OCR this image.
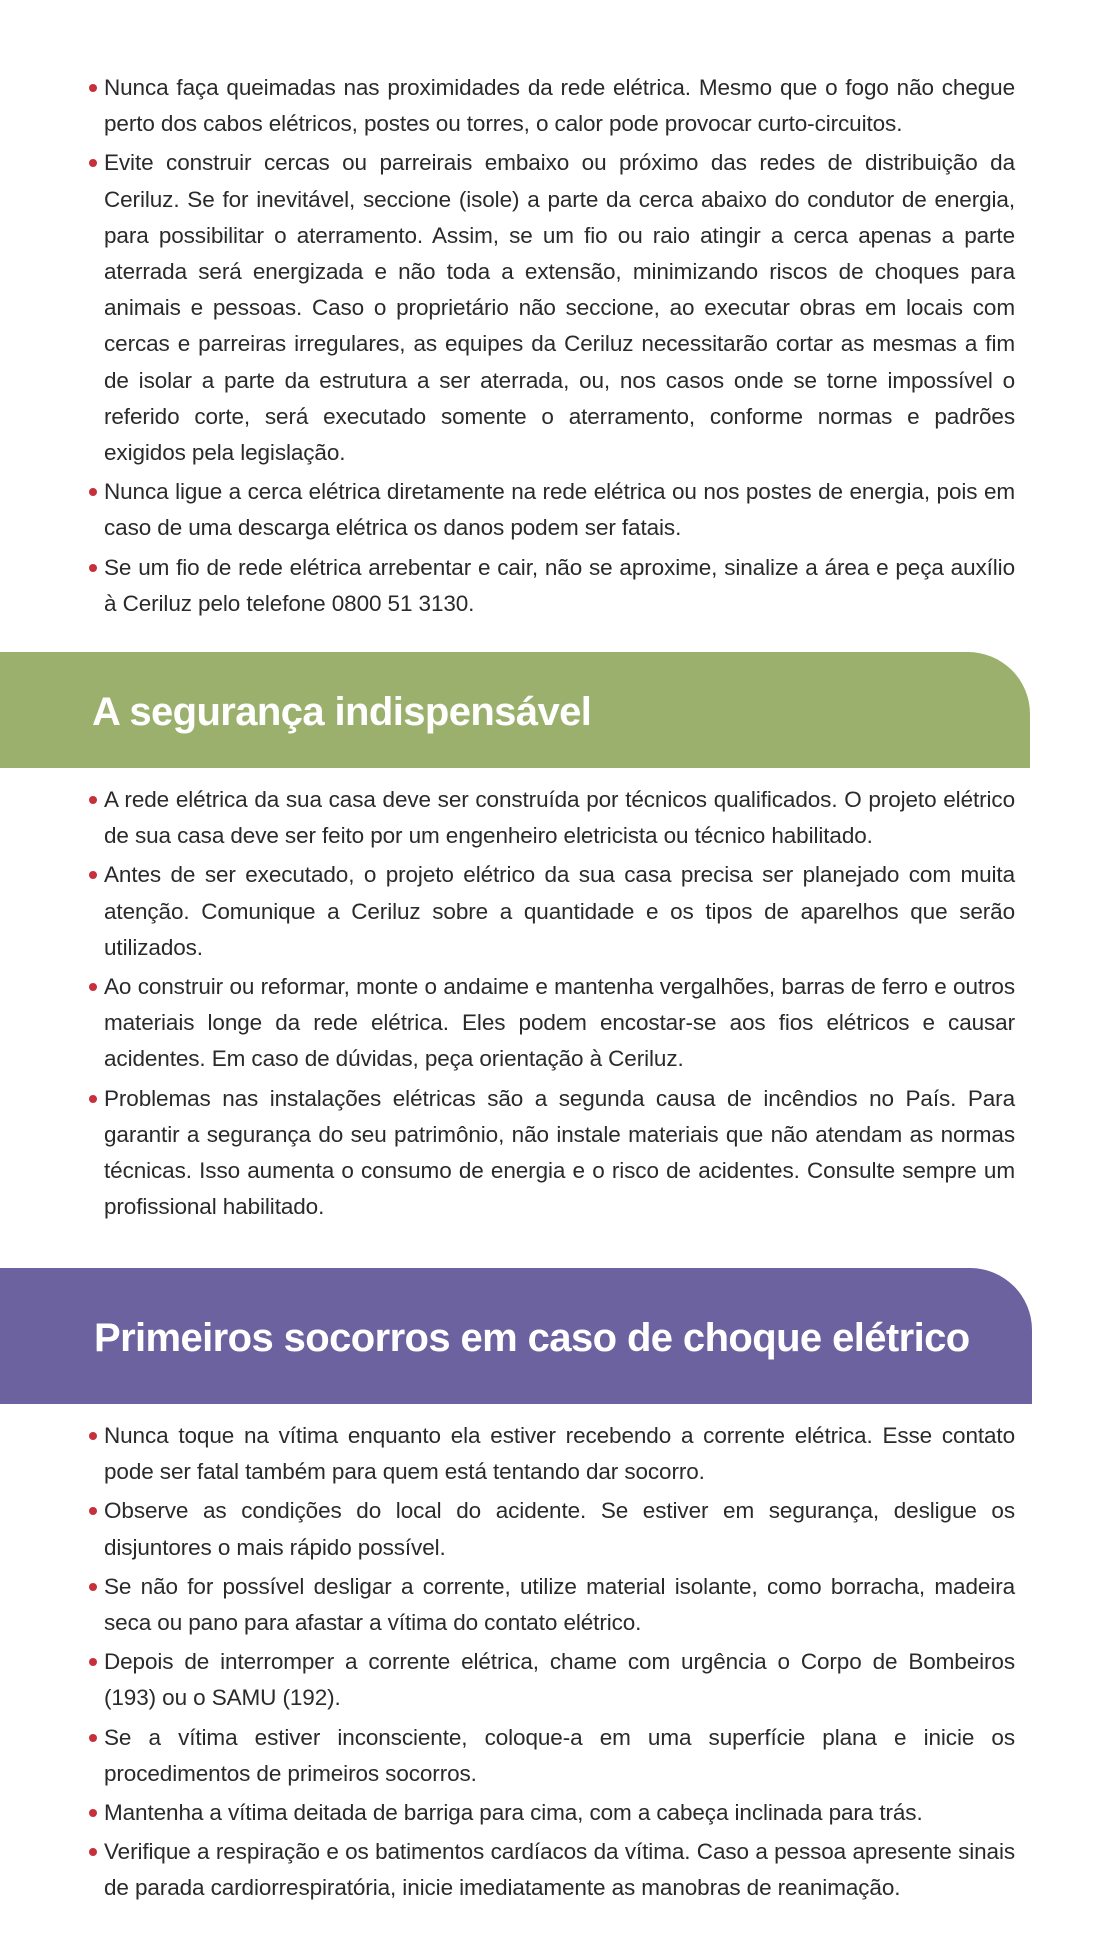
Nunca faça queimadas nas proximidades da rede elétrica. Mesmo que o fogo não chegue perto dos cabos elétricos, postes ou torres, o calor pode provocar curto-circuitos.
Evite construir cercas ou parreirais embaixo ou próximo das redes de distribuição da Ceriluz. Se for inevitável, seccione (isole) a parte da cerca abaixo do condutor de energia, para possibilitar o aterramento. Assim, se um fio ou raio atingir a cerca apenas a parte aterrada será energizada e não toda a extensão, minimizando riscos de choques para animais e pessoas. Caso o proprietário não seccione, ao executar obras em locais com cercas e parreiras irregulares, as equipes da Ceriluz necessitarão cortar as mesmas a fim de isolar a parte da estrutura a ser aterrada, ou, nos casos onde se torne impossível o referido corte, será executado somente o aterramento, conforme normas e padrões exigidos pela legislação.
Nunca ligue a cerca elétrica diretamente na rede elétrica ou nos postes de energia, pois em caso de uma descarga elétrica os danos podem ser fatais.
Se um fio de rede elétrica arrebentar e cair, não se aproxime, sinalize a área e peça auxílio à Ceriluz pelo telefone 0800 51 3130.
A segurança indispensável
A rede elétrica da sua casa deve ser construída por técnicos qualificados. O projeto elétrico de sua casa deve ser feito por um engenheiro eletricista ou técnico habilitado.
Antes de ser executado, o projeto elétrico da sua casa precisa ser planejado com muita atenção. Comunique a Ceriluz sobre a quantidade e os tipos de aparelhos que serão utilizados.
Ao construir ou reformar, monte o andaime e mantenha vergalhões, barras de ferro e outros materiais longe da rede elétrica. Eles podem encostar-se aos fios elétricos e causar acidentes. Em caso de dúvidas, peça orientação à Ceriluz.
Problemas nas instalações elétricas são a segunda causa de incêndios no País. Para garantir a segurança do seu patrimônio, não instale materiais que não atendam as normas técnicas. Isso aumenta o consumo de energia e o risco de acidentes. Consulte sempre um profissional habilitado.
Primeiros socorros em caso de choque elétrico
Nunca toque na vítima enquanto ela estiver recebendo a corrente elétrica. Esse contato pode ser fatal também para quem está tentando dar socorro.
Observe as condições do local do acidente. Se estiver em segurança, desligue os disjuntores o mais rápido possível.
Se não for possível desligar a corrente, utilize material isolante, como borracha, madeira seca ou pano para afastar a vítima do contato elétrico.
Depois de interromper a corrente elétrica, chame com urgência o Corpo de Bombeiros (193) ou o SAMU (192).
Se a vítima estiver inconsciente, coloque-a em uma superfície plana e inicie os procedimentos de primeiros socorros.
Mantenha a vítima deitada de barriga para cima, com a cabeça inclinada para trás.
Verifique a respiração e os batimentos cardíacos da vítima. Caso a pessoa apresente sinais de parada cardiorrespiratória, inicie imediatamente as manobras de reanimação.
